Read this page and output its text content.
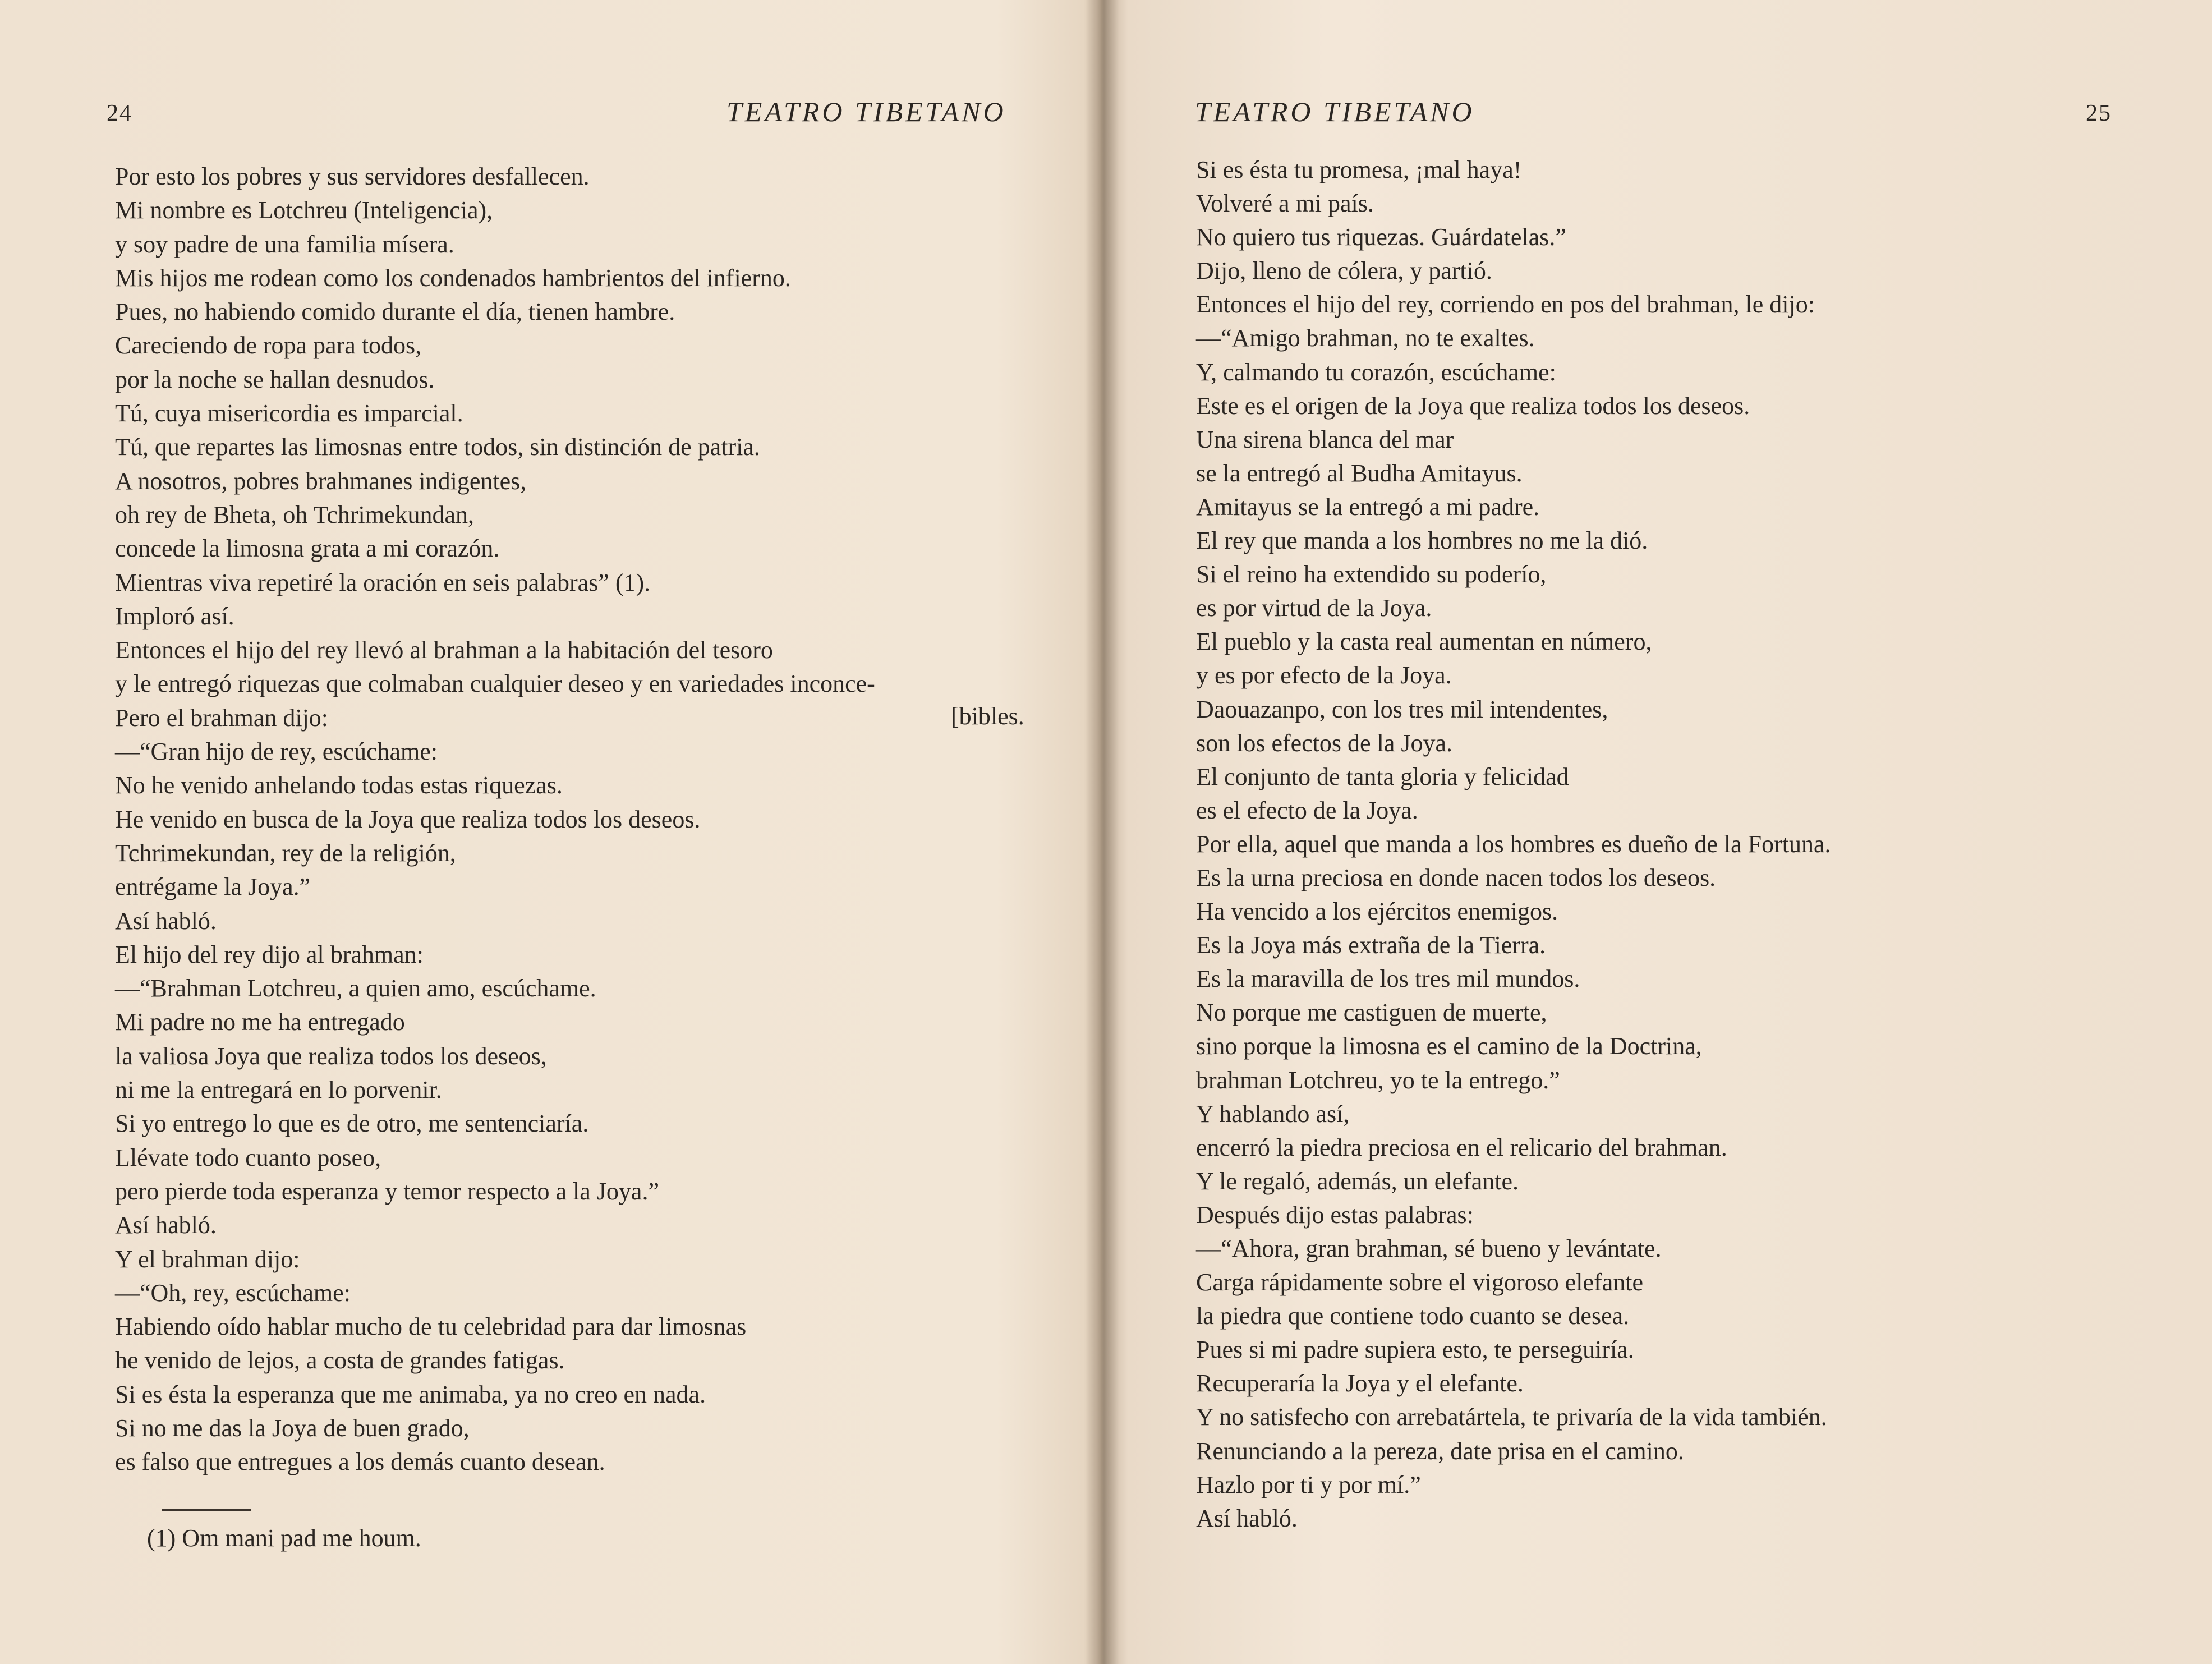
24	TEATRO TIBETANO
Por esto los pobres y sus servidores desfallecen.
Mi nombre es Lotchreu (Inteligencia),
y soy padre de una familia mísera.
Mis hijos me rodean como los condenados hambrientos del infierno.
Pues, no habiendo comido durante el día, tienen hambre.
Careciendo de ropa para todos,
por la noche se hallan desnudos.
Tú, cuya misericordia es imparcial.
Tú, que repartes las limosnas entre todos, sin distinción de patria.
A nosotros, pobres brahmanes indigentes,
oh rey de Bheta, oh Tchrimekundan,
concede la limosna grata a mi corazón.
Mientras viva repetiré la oración en seis palabras” (1).
Imploró así.
Entonces el hijo del rey llevó al brahman a la habitación del tesoro
y le entregó riquezas que colmaban cualquier deseo y en variedades inconce-
Pero el brahman dijo:
—“Gran hijo de rey, escúchame:
No he venido anhelando todas estas riquezas.
He venido en busca de la Joya que realiza todos los deseos.
Tchrimekundan, rey de la religión,
entrégame la Joya.”
Así habló.
El hijo del rey dijo al brahman:
—“Brahman Lotchreu, a quien amo, escúchame.
Mi padre no me ha entregado
la valiosa Joya que realiza todos los deseos,
ni me la entregará en lo porvenir.
Si yo entrego lo que es de otro, me sentenciaría.
Llévate todo cuanto poseo,
pero pierde toda esperanza y temor respecto a la Joya.”
Así habló.
Y el brahman dijo:
—“Oh, rey, escúchame:
Habiendo oído hablar mucho de tu celebridad para dar limosnas
he venido de lejos, a costa de grandes fatigas.
Si es ésta la esperanza que me animaba, ya no creo en nada.
Si no me das la Joya de buen grado,
es falso que entregues a los demás cuanto desean.
[bibles.
(1) Om mani pad me houm.
TEATRO TIBETANO	25
Si es ésta tu promesa, ¡mal haya!
Volveré a mi país.
No quiero tus riquezas. Guárdatelas.”
Dijo, lleno de cólera, y partió.
Entonces el hijo del rey, corriendo en pos del brahman, le dijo:
—“Amigo brahman, no te exaltes.
Y, calmando tu corazón, escúchame:
Este es el origen de la Joya que realiza todos los deseos.
Una sirena blanca del mar
se la entregó al Budha Amitayus.
Amitayus se la entregó a mi padre.
El rey que manda a los hombres no me la dió.
Si el reino ha extendido su poderío,
es por virtud de la Joya.
El pueblo y la casta real aumentan en número,
y es por efecto de la Joya.
Daouazanpo, con los tres mil intendentes,
son los efectos de la Joya.
El conjunto de tanta gloria y felicidad
es el efecto de la Joya.
Por ella, aquel que manda a los hombres es dueño de la Fortuna.
Es la urna preciosa en donde nacen todos los deseos.
Ha vencido a los ejércitos enemigos.
Es la Joya más extraña de la Tierra.
Es la maravilla de los tres mil mundos.
No porque me castiguen de muerte,
sino porque la limosna es el camino de la Doctrina,
brahman Lotchreu, yo te la entrego.”
Y hablando así,
encerró la piedra preciosa en el relicario del brahman.
Y le regaló, además, un elefante.
Después dijo estas palabras:
—“Ahora, gran brahman, sé bueno y levántate.
Carga rápidamente sobre el vigoroso elefante
la piedra que contiene todo cuanto se desea.
Pues si mi padre supiera esto, te perseguiría.
Recuperaría la Joya y el elefante.
Y no satisfecho con arrebatártela, te privaría de la vida también.
Renunciando a la pereza, date prisa en el camino.
Hazlo por ti y por mí.”
Así habló.
